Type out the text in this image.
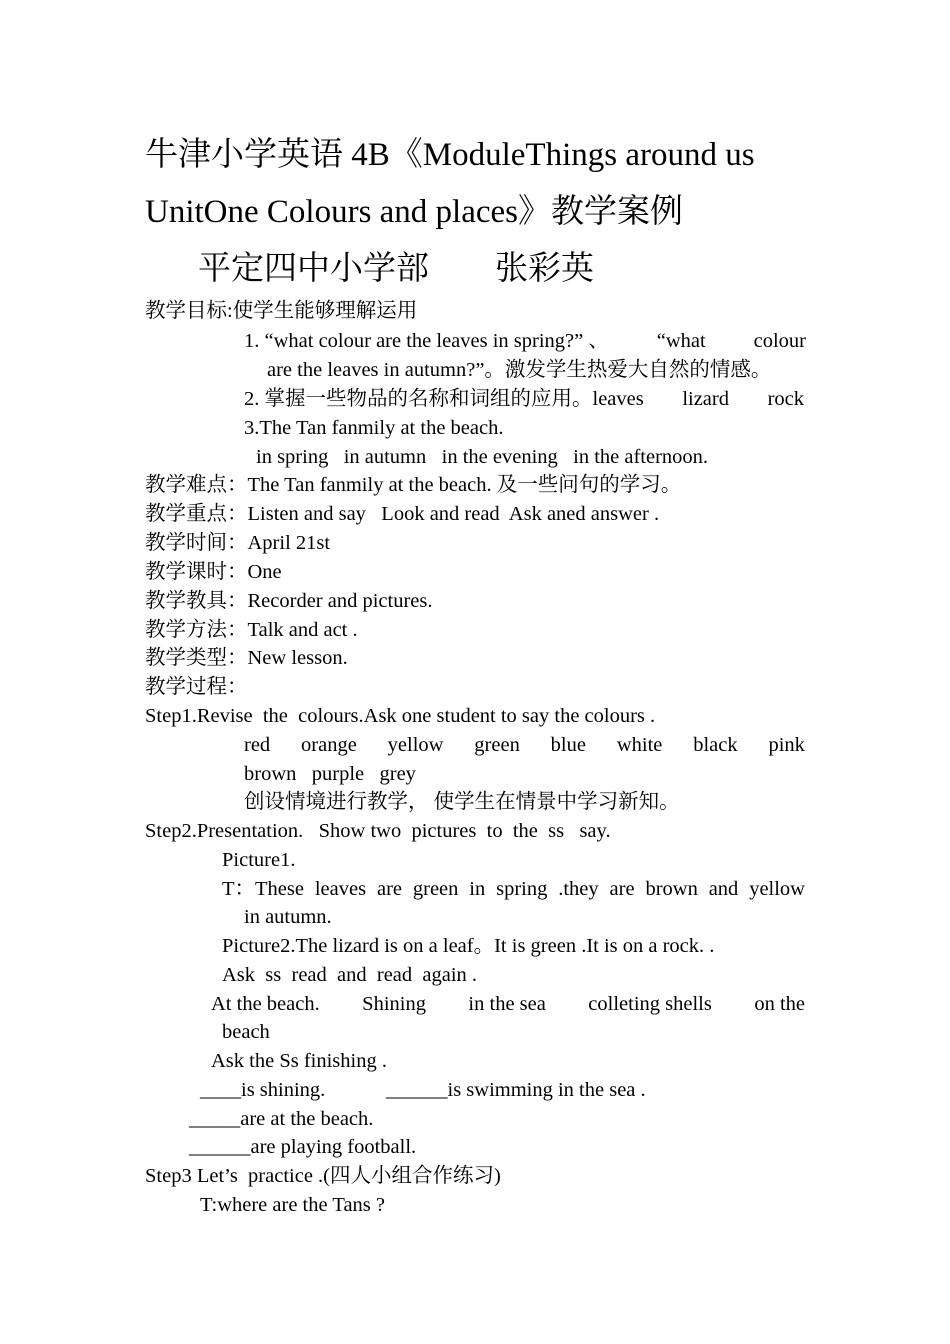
牛津小学英语 4B《ModuleThings around us
UnitOne Colours and places》教学案例
平定四中小学部　　张彩英
教学目标:使学生能够理解运用
1. “what colour are the leaves in spring?” 、 “what colour
are the leaves in autumn?”。激发学生热爱大自然的情感。
2. 掌握一些物品的名称和词组的应用。leaves lizard rock
3.The Tan fanmily at the beach.
in spring   in autumn   in the evening   in the afternoon.
教学难点：The Tan fanmily at the beach. 及一些问句的学习。
教学重点：Listen and say   Look and read  Ask aned answer .
教学时间：April 21st
教学课时：One
教学教具：Recorder and pictures.
教学方法：Talk and act .
教学类型：New lesson.
教学过程：
Step1.Revise  the  colours.Ask one student to say the colours .
red orange yellow green blue white black pink
brown   purple   grey
创设情境进行教学， 使学生在情景中学习新知。
Step2.Presentation.   Show two  pictures  to  the  ss   say.
Picture1.
T：These leaves are green in spring .they are brown and yellow
in autumn.
Picture2.The lizard is on a leaf。It is green .It is on a rock. .
Ask  ss  read  and  read  again .
At the beach. Shining in the sea colleting shells on the
beach
Ask the Ss finishing .
____is shining.	______is swimming in the sea .
_____are at the beach.
______are playing football.
Step3 Let’s  practice .(四人小组合作练习)
T:where are the Tans ?
